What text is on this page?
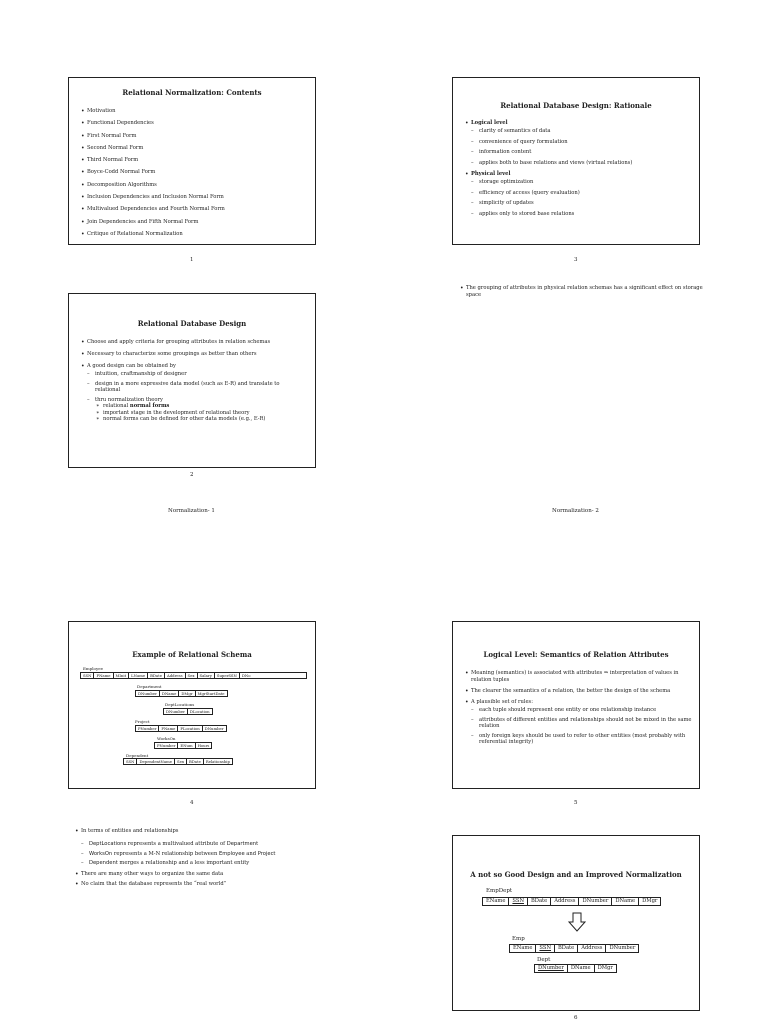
Relational Normalization: Contents
• Motivation
• Functional Dependencies
• First Normal Form
• Second Normal Form
• Third Normal Form
• Boyce-Codd Normal Form
• Decomposition Algorithms
• Inclusion Dependencies and Inclusion Normal Form
• Multivalued Dependencies and Fourth Normal Form
• Join Dependencies and Fifth Normal Form
• Critique of Relational Normalization
1
Relational Database Design: Rationale
• Logical level
– clarity of semantics of data
– convenience of query formulation
– information content
– applies both to base relations and views (virtual relations)
• Physical level
– storage optimization
– efficiency of access (query evaluation)
– simplicity of updates
– applies only to stored base relations
3
• The grouping of attributes in physical relation schemas has a significant effect on storage space
Relational Database Design
• Choose and apply criteria for grouping attributes in relation schemas
• Necessary to characterize some groupings as better than others
• A good design can be obtained by
– intuition, craftmanship of designer
– design in a more expressive data model (such as E-R) and translate to relational
– thru normalization theory
∗ relational normal forms
∗ important stage in the development of relational theory
∗ normal forms can be defined for other data models (e.g., E-R)
2
Normalization- 1	Normalization- 2
Example of Relational Schema
Employee
SSN	FName	MInit	LName	BDate	Address	Sex	Salary	SuperSSN	DNo
Department
DNumber	DName	DMgr	MgrStartDate
DeptLocations
DNumber	DLocation
Project
PNumber	PName	PLocation	DNumber
WorksOn
PNumber	ENum	Hours
Dependent
SSN	DependentName	Sex	BDate	Relationship
4
• In terms of entities and relationships
– DeptLocations represents a multivalued attribute of Department
– WorksOn represents a M-N relationship between Employee and Project
– Dependent merges a relationship and a less important entity
• There are many other ways to organize the same data
• No claim that the database represents the “real world”
Logical Level: Semantics of Relation Attributes
• Meaning (semantics) is associated with attributes ⇒ interpretation of values in relation tuples
• The clearer the semantics of a relation, the better the design of the schema
• A plausible set of rules:
– each tuple should represent one entity or one relationship instance
– attributes of different entities and relationships should not be mixed in the same relation
– only foreign keys should be used to refer to other entities (most probably with referential integrity)
5
A not so Good Design and an Improved Normalization
EmpDept
EName	SSN	BDate	Address	DNumber	DName	DMgr
Emp
EName	SSN	BDate	Address	DNumber
Dept
DNumber	DName	DMgr
6
